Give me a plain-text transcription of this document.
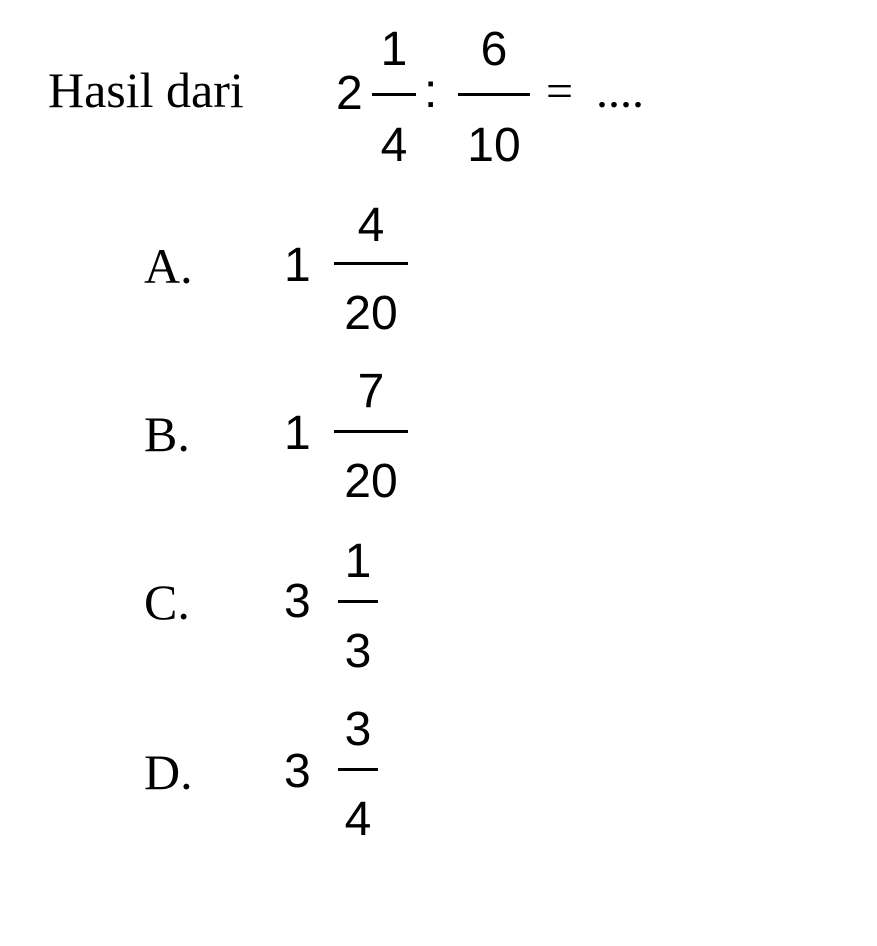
Hasil dari 2
1
4
:
6
10
= ....
A. 1
4
20
B. 1
7
20
C. 3
1
3
D. 3
3
4
